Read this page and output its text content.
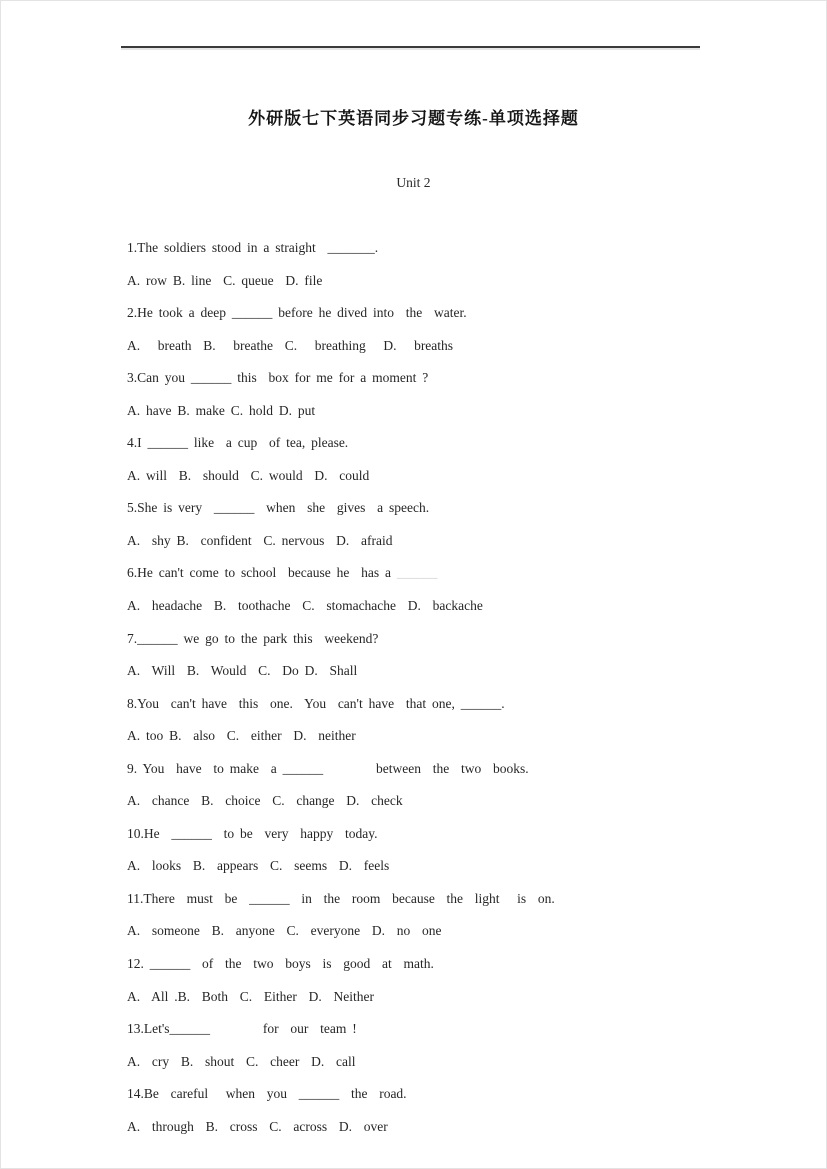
外研版七下英语同步习题专练-单项选择题
Unit 2
1.The soldiers stood in a straight  _______.
A. row B. line  C. queue  D. file
2.He took a deep ______ before he dived into  the  water.
A.   breath  B.   breathe  C.   breathing   D.   breaths
3.Can you ______ this  box for me for a moment ?
A. have B. make C. hold D. put
4.I ______ like  a cup  of tea, please.
A. will  B.  should  C. would  D.  could
5.She is very  ______  when  she  gives  a speech.
A.  shy B.  confident  C. nervous  D.  afraid
6.He can't come to school  because he  has a ______
A.  headache  B.  toothache  C.  stomachache  D.  backache
7.______ we go to the park this  weekend?
A.  Will  B.  Would  C.  Do D.  Shall
8.You  can't have  this  one.  You  can't have  that one, ______.
A. too B.  also  C.  either  D.  neither
9. You  have  to make  a ______         between  the  two  books.
A.  chance  B.  choice  C.  change  D.  check
10.He  ______  to be  very  happy  today.
A.  looks  B.  appears  C.  seems  D.  feels
11.There  must  be  ______  in  the  room  because  the  light   is  on.
A.  someone  B.  anyone  C.  everyone  D.  no  one
12. ______  of  the  two  boys  is  good  at  math.
A.  All .B.  Both  C.  Either  D.  Neither
13.Let's______         for  our  team !
A.  cry  B.  shout  C.  cheer  D.  call
14.Be  careful   when  you  ______  the  road.
A.  through  B.  cross  C.  across  D.  over
